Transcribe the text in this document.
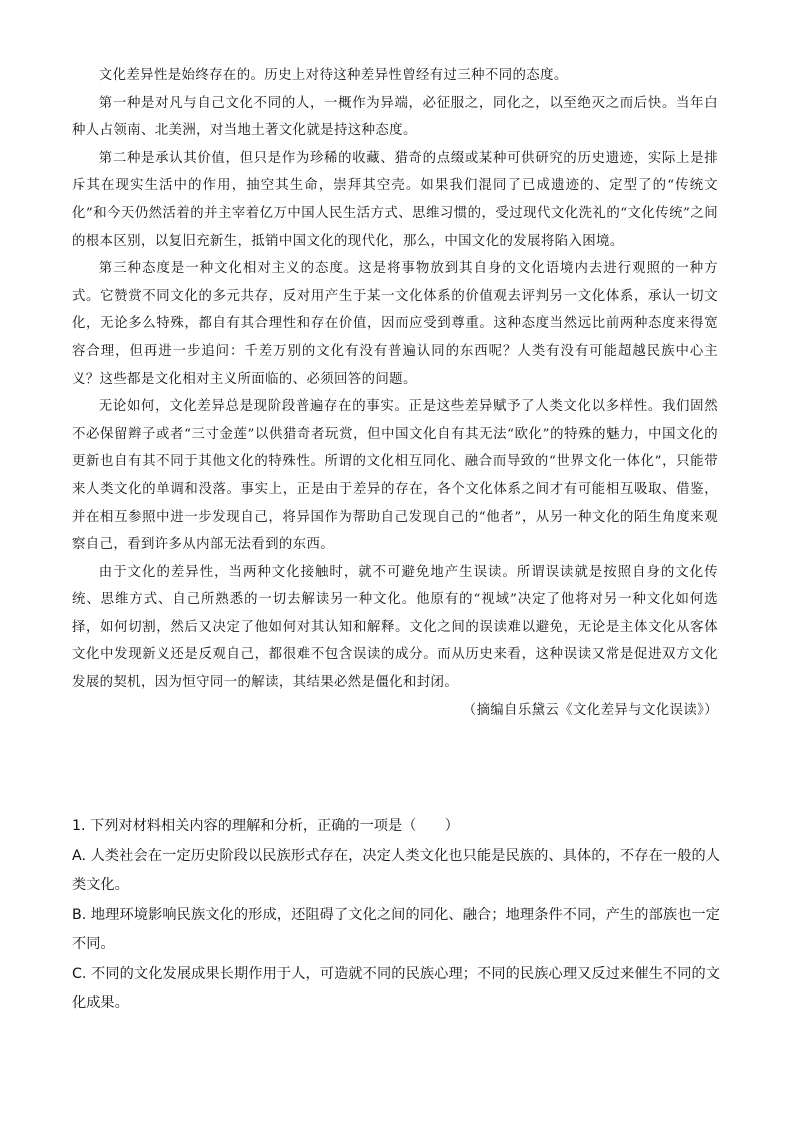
文化差异性是始终存在的。历史上对待这种差异性曾经有过三种不同的态度。

第一种是对凡与自己文化不同的人，一概作为异端，必征服之，同化之，以至绝灭之而后快。当年白种人占领南、北美洲，对当地土著文化就是持这种态度。

第二种是承认其价值，但只是作为珍稀的收藏、猎奇的点缀或某种可供研究的历史遗迹，实际上是排斥其在现实生活中的作用，抽空其生命，崇拜其空壳。如果我们混同了已成遗迹的、定型了的“传统文化”和今天仍然活着的并主宰着亿万中国人民生活方式、思维习惯的，受过现代文化洗礼的“文化传统”之间的根本区别，以复旧充新生，抵销中国文化的现代化，那么，中国文化的发展将陷入困境。

第三种态度是一种文化相对主义的态度。这是将事物放到其自身的文化语境内去进行观照的一种方式。它赞赏不同文化的多元共存，反对用产生于某一文化体系的价值观去评判另一文化体系，承认一切文化，无论多么特殊，都自有其合理性和存在价值，因而应受到尊重。这种态度当然远比前两种态度来得宽容合理，但再进一步追问：千差万别的文化有没有普遍认同的东西呢？人类有没有可能超越民族中心主义？这些都是文化相对主义所面临的、必须回答的问题。

无论如何，文化差异总是现阶段普遍存在的事实。正是这些差异赋予了人类文化以多样性。我们固然不必保留辫子或者“三寸金莲”以供猎奇者玩赏，但中国文化自有其无法“欧化”的特殊的魅力，中国文化的更新也自有其不同于其他文化的特殊性。所谓的文化相互同化、融合而导致的“世界文化一体化”，只能带来人类文化的单调和没落。事实上，正是由于差异的存在，各个文化体系之间才有可能相互吸取、借鉴，并在相互参照中进一步发现自己，将异国作为帮助自己发现自己的“他者”，从另一种文化的陌生角度来观察自己，看到许多从内部无法看到的东西。

由于文化的差异性，当两种文化接触时，就不可避免地产生误读。所谓误读就是按照自身的文化传统、思维方式、自己所熟悉的一切去解读另一种文化。他原有的“视域”决定了他将对另一种文化如何选择，如何切割，然后又决定了他如何对其认知和解释。文化之间的误读难以避免，无论是主体文化从客体文化中发现新义还是反观自己，都很难不包含误读的成分。而从历史来看，这种误读又常是促进双方文化发展的契机，因为恒守同一的解读，其结果必然是僵化和封闭。

（摘编自乐黛云《文化差异与文化误读》）

1. 下列对材料相关内容的理解和分析，正确的一项是（　　）

A. 人类社会在一定历史阶段以民族形式存在，决定人类文化也只能是民族的、具体的，不存在一般的人类文化。

B. 地理环境影响民族文化的形成，还阻碍了文化之间的同化、融合；地理条件不同，产生的部族也一定不同。

C. 不同的文化发展成果长期作用于人，可造就不同的民族心理；不同的民族心理又反过来催生不同的文化成果。
